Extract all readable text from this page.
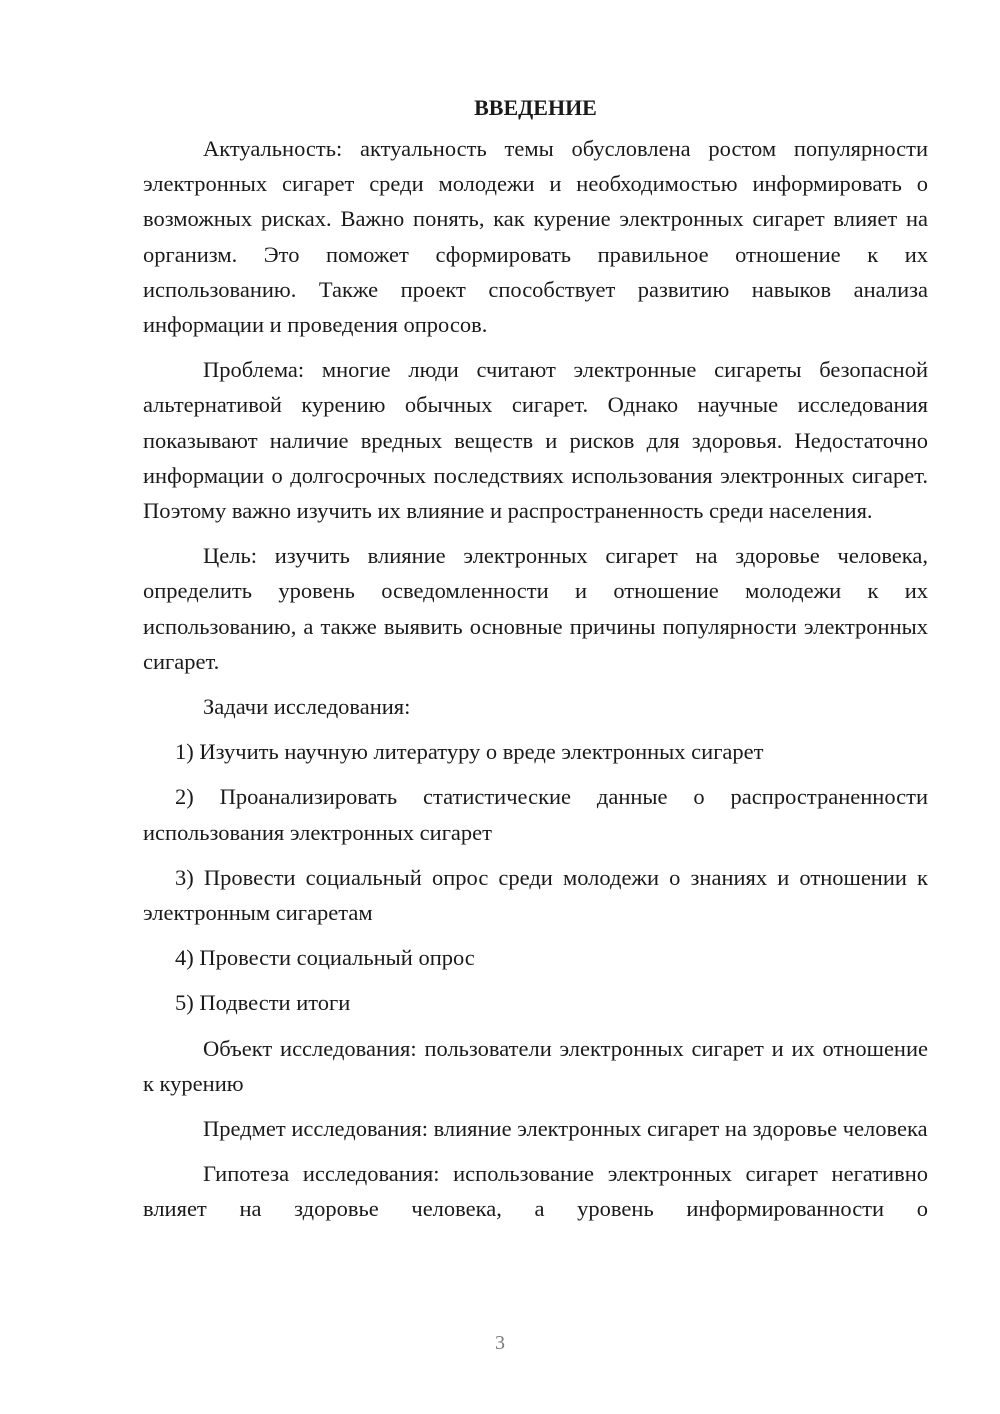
ВВЕДЕНИЕ

Актуальность: актуальность темы обусловлена ростом популярности электронных сигарет среди молодежи и необходимостью информировать о возможных рисках. Важно понять, как курение электронных сигарет влияет на организм. Это поможет сформировать правильное отношение к их использованию. Также проект способствует развитию навыков анализа информации и проведения опросов.

Проблема: многие люди считают электронные сигареты безопасной альтернативой курению обычных сигарет. Однако научные исследования показывают наличие вредных веществ и рисков для здоровья. Недостаточно информации о долгосрочных последствиях использования электронных сигарет. Поэтому важно изучить их влияние и распространенность среди населения.

Цель: изучить влияние электронных сигарет на здоровье человека, определить уровень осведомленности и отношение молодежи к их использованию, а также выявить основные причины популярности электронных сигарет.

Задачи исследования:

1) Изучить научную литературу о вреде электронных сигарет

2) Проанализировать статистические данные о распространенности использования электронных сигарет

3) Провести социальный опрос среди молодежи о знаниях и отношении к электронным сигаретам

4) Провести социальный опрос

5) Подвести итоги

Объект исследования: пользователи электронных сигарет и их отношение к курению

Предмет исследования: влияние электронных сигарет на здоровье человека

Гипотеза исследования: использование электронных сигарет негативно влияет на здоровье человека, а уровень информированности о

3
